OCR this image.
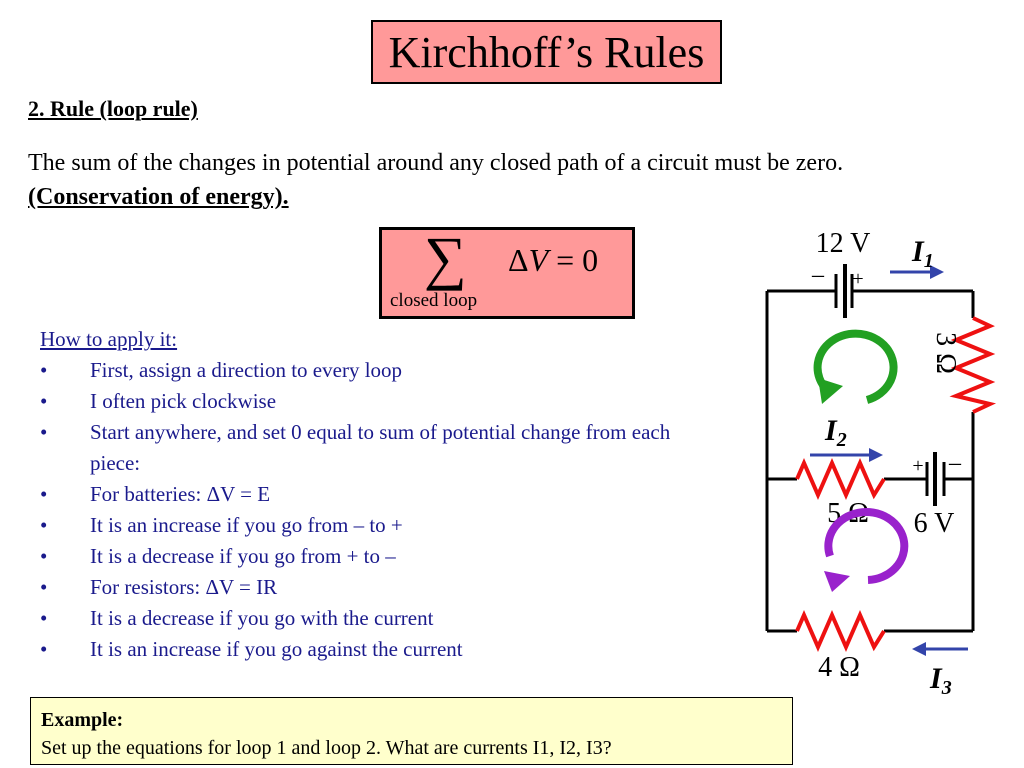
Kirchhoff’s Rules
2. Rule (loop rule)
The sum of the changes in potential around any closed path of a circuit must be zero. (Conservation of energy).
∑ ΔV = 0
closed loop
How to apply it:
• First, assign a direction to every loop
• I often pick clockwise
• Start anywhere, and set 0 equal to sum of potential change from each piece:
• For batteries: ΔV = E
• It is an increase if you go from – to +
• It is a decrease if you go from + to –
• For resistors: ΔV = IR
• It is a decrease if you go with the current
• It is an increase if you go against the current
Example:
Set up the equations for loop 1 and loop 2. What are currents I1, I2, I3?
12 V
– +
$I_1$
3 Ω
$I_2$
5 Ω
+ –
6 V
4 Ω $I_3$
